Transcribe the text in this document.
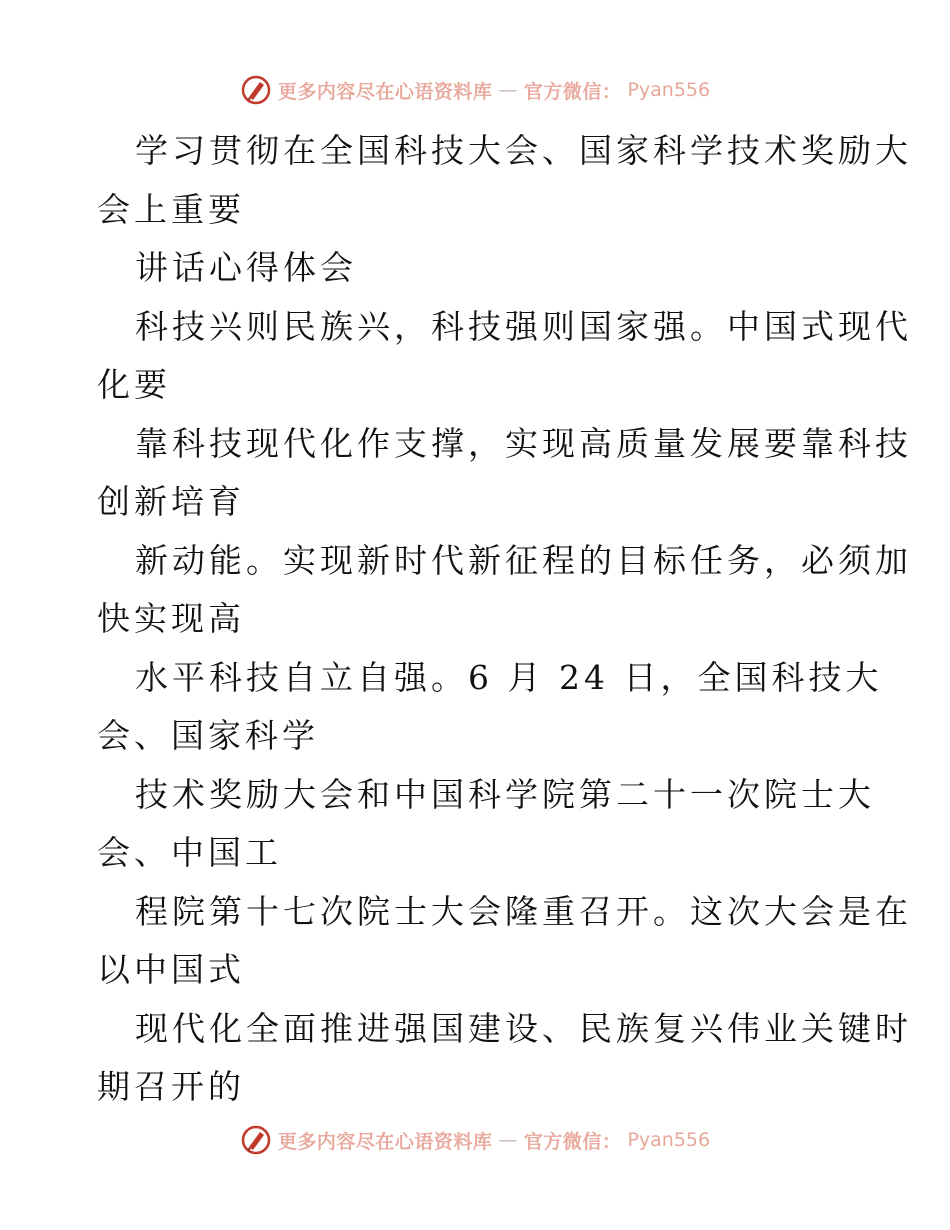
更多内容尽在心语资料库 — 官方微信： Pyan556
学习贯彻在全国科技大会、国家科学技术奖励大
会上重要
讲话心得体会
科技兴则民族兴，科技强则国家强。中国式现代
化要
靠科技现代化作支撑，实现高质量发展要靠科技
创新培育
新动能。实现新时代新征程的目标任务，必须加
快实现高
水平科技自立自强。6 月 24 日，全国科技大
会、国家科学
技术奖励大会和中国科学院第二十一次院士大
会、中国工
程院第十七次院士大会隆重召开。这次大会是在
以中国式
现代化全面推进强国建设、民族复兴伟业关键时
期召开的
更多内容尽在心语资料库 — 官方微信： Pyan556
